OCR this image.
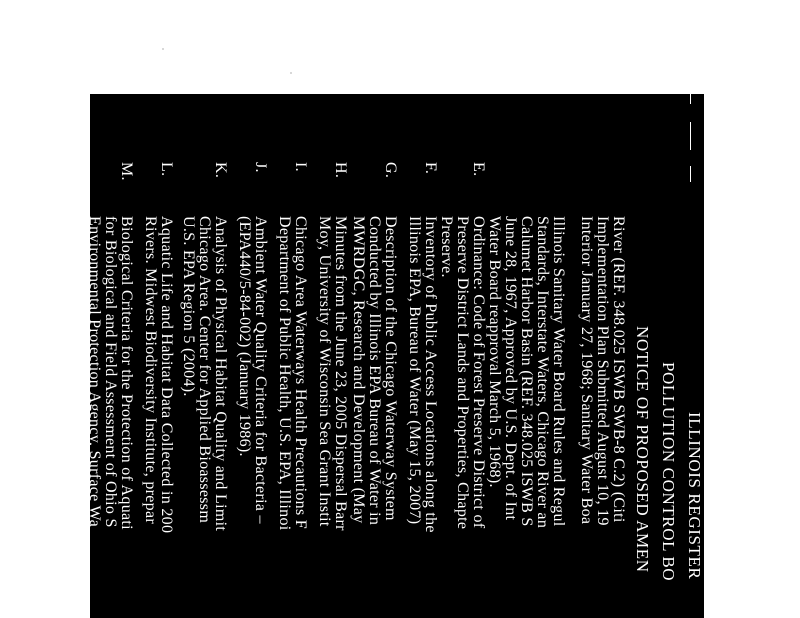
ILLINOIS REGISTER
POLLUTION CONTROL BO
NOTICE OF PROPOSED AMEN
River (REF. 348.025 ISWB SWB-8 C.2) (Citi
Implementation Plan Submitted August 10, 19
Interior January 27, 1968; Sanitary Water Boa
Illinois Sanitary Water Board Rules and Regul
Standards, Interstate Waters, Chicago River an
Calumet Harbor Basin (REF. 348.025 ISWB S
June 28, 1967, Approved by U.S. Dept. of Int
Water Board reapproval March 5, 1968).
E.
Ordinance: Code of Forest Preserve District of
Preserve District Lands and Properties, Chapte
Preserve.
F.
Inventory of Public Access Locations along the
Illinois EPA, Bureau of Water (May 15, 2007)
G.
Description of the Chicago Waterway System
Conducted by Illinois EPA Bureau of Water in
MWRDGC, Research and Development (May
H.
Minutes from the June 23, 2005 Dispersal Barr
Moy, University of Wisconsin Sea Grant Instit
I.
Chicago Area Waterways Health Precautions F
Department of Public Health, U.S. EPA, Illinoi
J.
Ambient Water Quality Criteria for Bacteria –
(EPA440/5-84-002) (January 1986).
K.
Analysis of Physical Habitat Quality and Limit
Chicago Area. Center for Applied Bioassessm
U.S. EPA Region 5 (2004).
L.
Aquatic Life and Habitat Data Collected in 200
Rivers. Midwest Biodiversity Institute, prepar
M.
Biological Criteria for the Protection of Aquati
for Biological and Field Assessment of Ohio S
Environmental Protection Agency, Surface Wa
